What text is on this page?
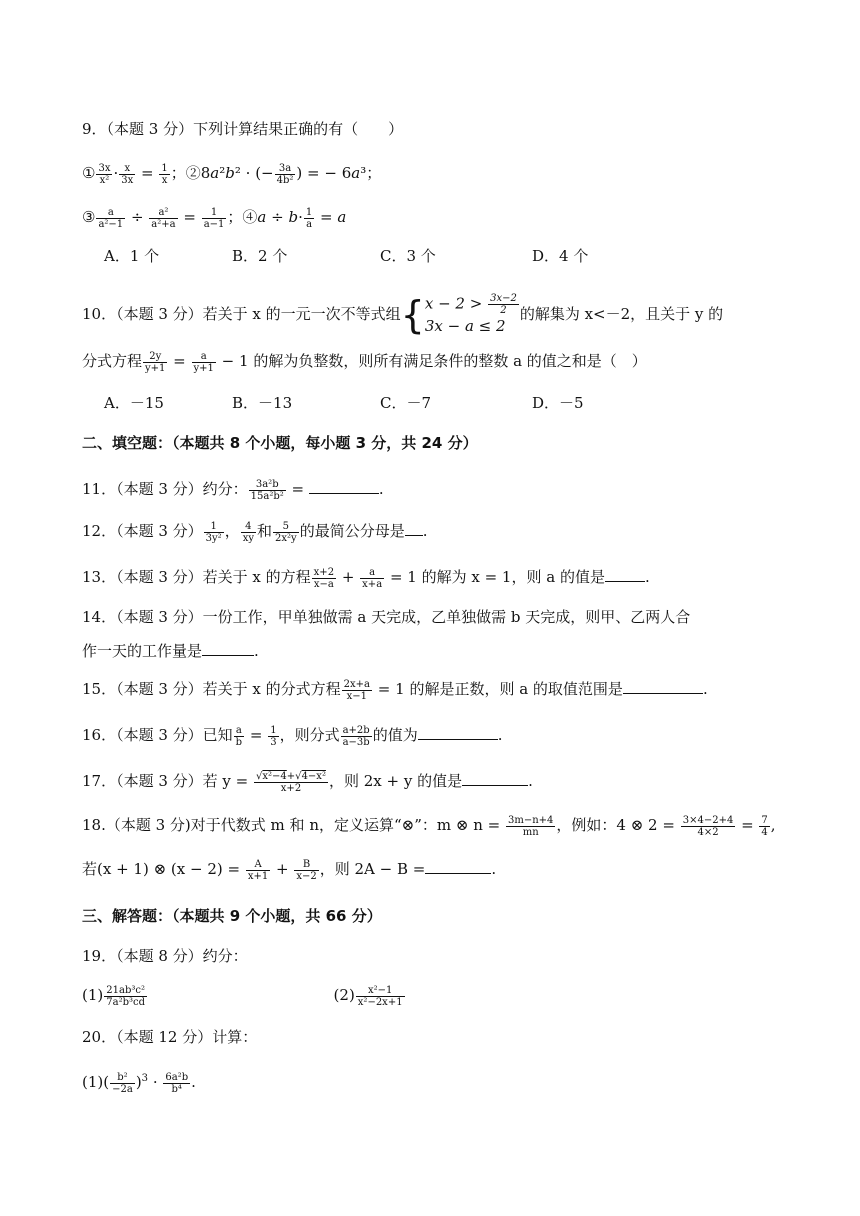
9．（本题 3 分）下列计算结果正确的有（　　）
① $\frac{3x}{\text{x²}} \cdot \frac{x}{3x} = \frac{1}{x}$ ；②8a²b² · (− $\frac{3a}{\text{4b²}}$ ) = − 6a³；
③ $\frac{a}{\text{a²−1}} \div \frac{\text{a²}}{\text{a²+a}} = \frac{1}{a-1}$ ；④a ÷ $b\cdot \frac{1}{a} = a$
A．1 个	B．2 个	C．3 个	D．4 个
10．（本题 3 分）若关于 x 的一元一次不等式组{ $x - 2 > \frac{3x-2}{2}$
3x − a ≤ 2
的解集为 x<－2，且关于 y 的
分式方程 $\frac{2y}{y+1} = \frac{a}{y+1} - 1$ 的解为负整数，则所有满足条件的整数 a 的值之和是（　）
A．－15	B．－13	C．－7	D．－5
二、填空题：（本题共 8 个小题，每小题 3 分，共 24 分）
11．（本题 3 分）约分： $\frac{\text{3a²b}}{\text{15a²b²}}$ =	.
12．（本题 3 分） $\frac{1}{\text{3y²}}$ ， $\frac{4}{xy}$ 和 $\frac{5}{\text{2x²y}}$ 的最简公分母是 .
13．（本题 3 分）若关于 x 的方程 $\frac{x+2}{x-a} + \frac{a}{x+a} = 1$ 的解为 x = 1，则 a 的值是	.
14．（本题 3 分）一份工作，甲单独做需 a 天完成，乙单独做需 b 天完成，则甲、乙两人合
作一天的工作量是	.
15．（本题 3 分）若关于 x 的分式方程 $\frac{2x+a}{x-1} = 1$ 的解是正数，则 a 的取值范围是	.
16．（本题 3 分）已知 $\frac{a}{b} = \frac{1}{3}$ ，则分式 $\frac{a+2b}{a-3b}$ 的值为	.
17．（本题 3 分）若 $y = \frac{\text{√x²−4+√4−x²}}{x+2}$ ，则 2x + y 的值是	.
18.（本题 3 分)对于代数式 m 和 n，定义运算“⊗”：m ⊗ $n = \frac{3m-n+4}{mn}$ ，例如：4 ⊗ $2 = \frac{3\times 4-2+4}{4\times 2} = \frac{7}{4}$ ,
若(x + 1) ⊗ $(x - 2) = \frac{A}{x+1} + \frac{B}{x-2}$ ，则 2A − B =	.
三、解答题：（本题共 9 个小题，共 66 分）
19．（本题 8 分）约分：
$(1) \frac{\text{21ab³c²}}{\text{7a²b³cd}}$	$(2) \frac{\text{x²−1}}{\text{x²−2x+1}}$
20．（本题 12 分）计算：
$(1)( \frac{\text{b²}}{-2a} )^3 \cdot \frac{\text{6a²b}}{\text{b⁴}}$ .
